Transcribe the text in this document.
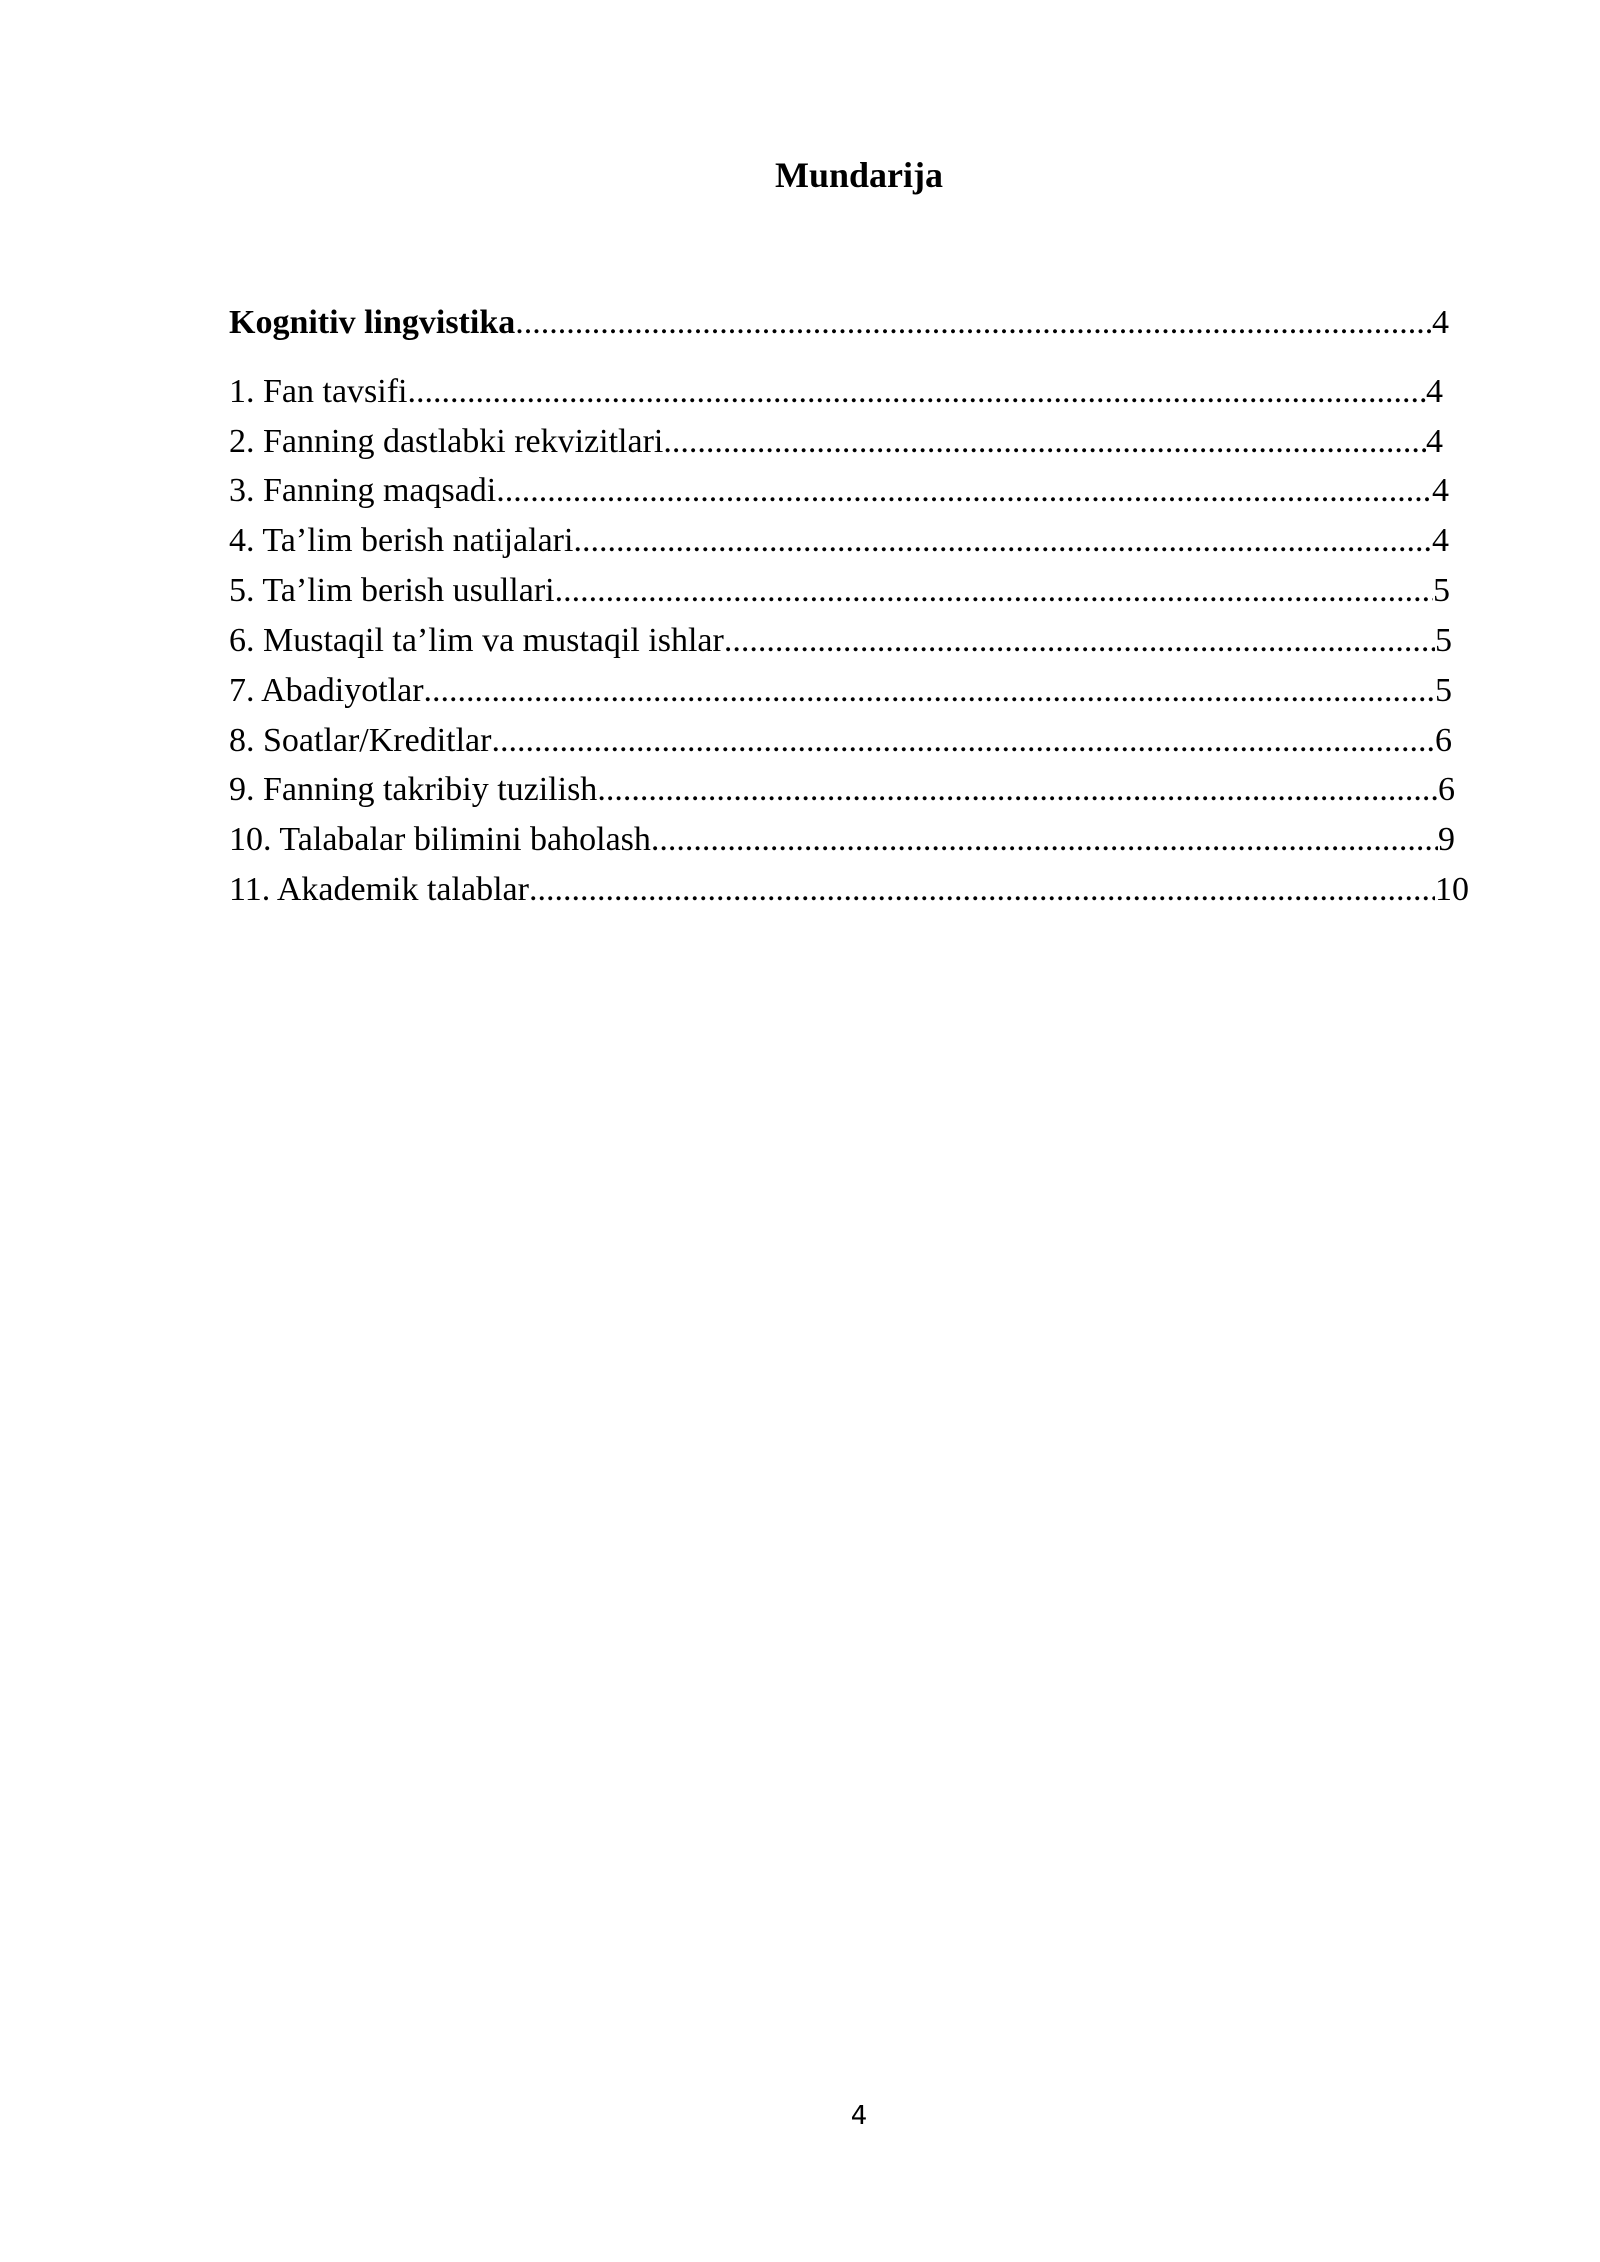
Mundarija
Kognitiv lingvistika .....	4
1. Fan tavsifi .....	4
2. Fanning dastlabki rekvizitlari .....	4
3. Fanning maqsadi .....	4
4. Ta’lim berish natijalari .....	4
5. Ta’lim berish usullari .....	5
6. Mustaqil ta’lim va mustaqil ishlar .....	5
7. Abadiyotlar .....	5
8. Soatlar/Kreditlar .....	6
9. Fanning takribiy tuzilish .....	6
10. Talabalar bilimini baholash .....	9
11. Akademik talablar .....	10
4
